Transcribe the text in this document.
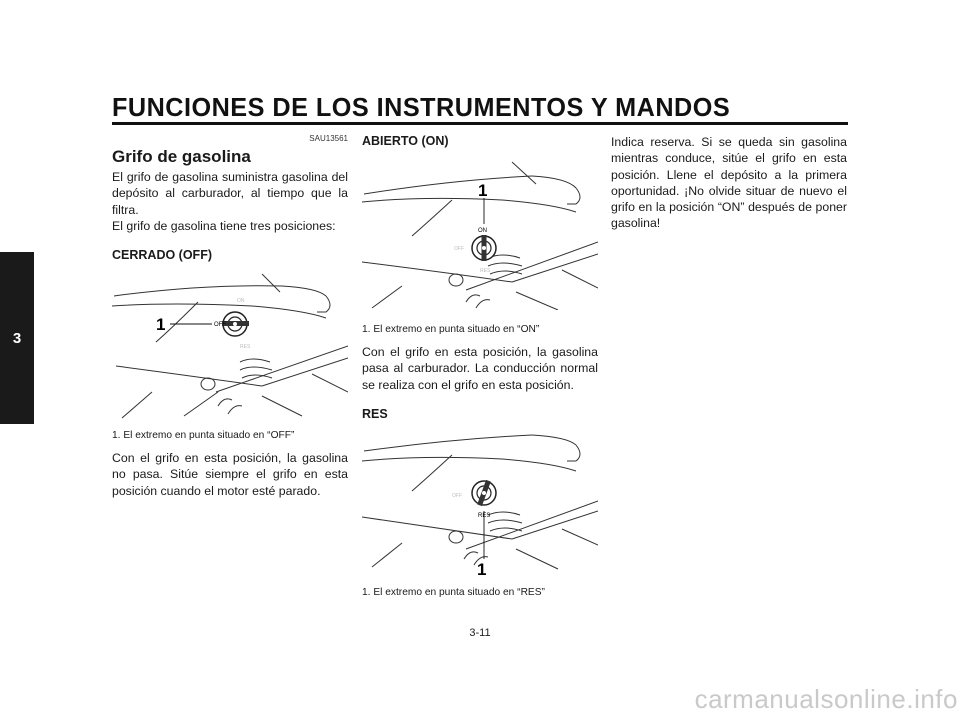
FUNCIONES DE LOS INSTRUMENTOS Y MANDOS
3
SAU13561
Grifo de gasolina

El grifo de gasolina suministra gasolina del depósito al carburador, al tiempo que la filtra.

El grifo de gasolina tiene tres posiciones:

CERRADO (OFF)

1	OFF
ON
RES

1. El extremo en punta situado en “OFF”

Con el grifo en esta posición, la gasolina no pasa. Sitúe siempre el grifo en esta posición cuando el motor esté parado.

ABIERTO (ON)

1
ON
OFF
RES

1. El extremo en punta situado en “ON”

Con el grifo en esta posición, la gasolina pasa al carburador. La conducción normal se realiza con el grifo en esta posición.

RES

1
RES
OFF

1. El extremo en punta situado en “RES”

Indica reserva. Si se queda sin gasolina mientras conduce, sitúe el grifo en esta posición. Llene el depósito a la primera oportunidad. ¡No olvide situar de nuevo el grifo en la posición “ON” después de poner gasolina!

3-11
carmanualsonline.info
